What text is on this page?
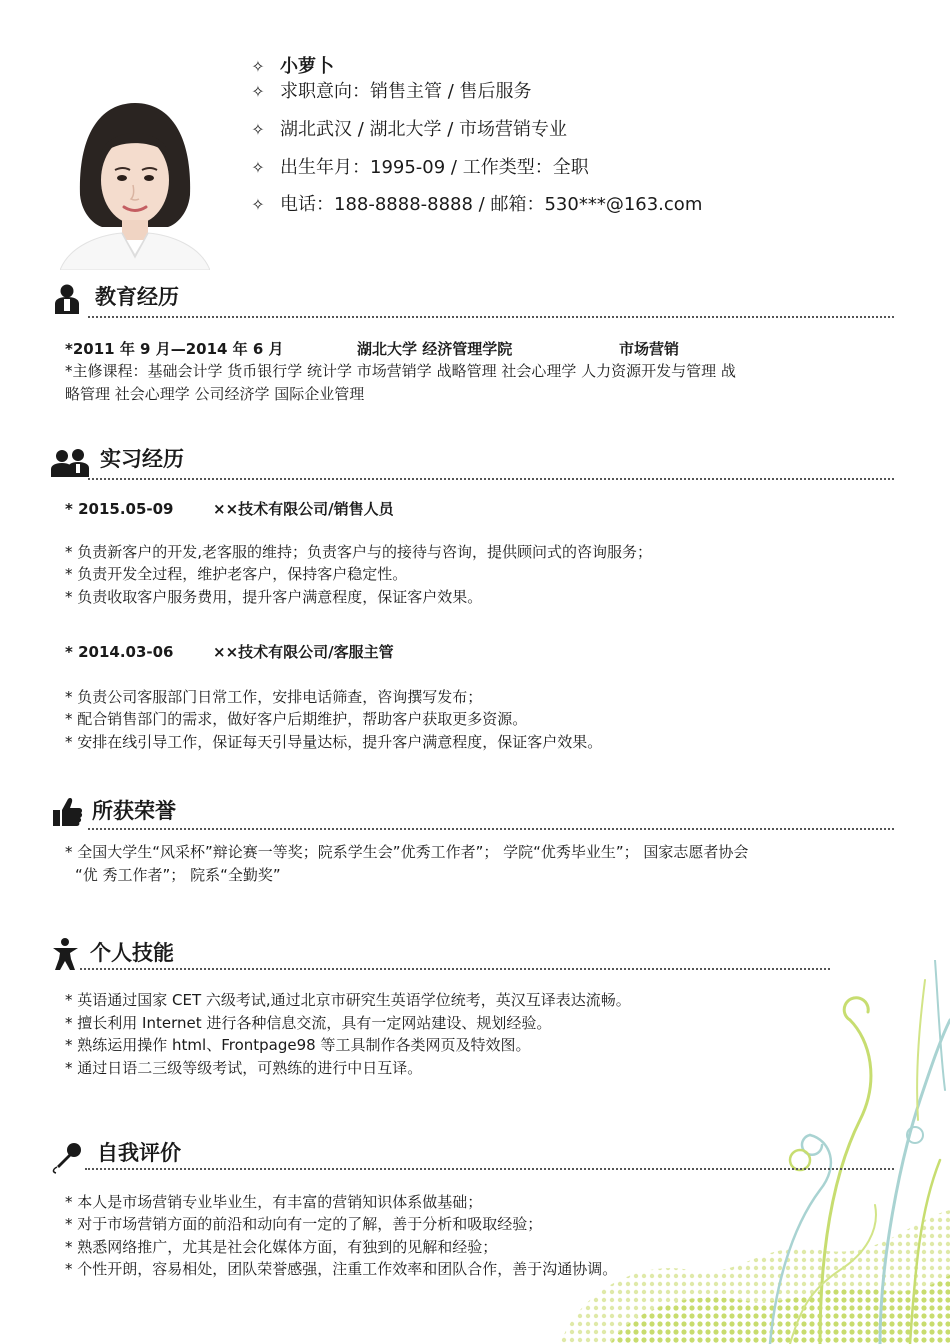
✧ 小萝卜
✧ 求职意向：销售主管 / 售后服务
✧ 湖北武汉 / 湖北大学 / 市场营销专业
✧ 出生年月：1995-09 / 工作类型：全职
✧ 电话：188-8888-8888 / 邮箱：530***@163.com
教育经历
*2011 年 9 月—2014 年 6 月	湖北大学 经济管理学院	市场营销
*主修课程：基础会计学 货币银行学 统计学 市场营销学 战略管理 社会心理学 人力资源开发与管理 战
略管理 社会心理学 公司经济学 国际企业管理
实习经历
* 2015.05-09	××技术有限公司/销售人员
* 负责新客户的开发,老客服的维持；负责客户与的接待与咨询，提供顾问式的咨询服务；
* 负责开发全过程，维护老客户，保持客户稳定性。
* 负责收取客户服务费用，提升客户满意程度，保证客户效果。
* 2014.03-06	××技术有限公司/客服主管
* 负责公司客服部门日常工作，安排电话筛查，咨询撰写发布；
* 配合销售部门的需求，做好客户后期维护，帮助客户获取更多资源。
* 安排在线引导工作，保证每天引导量达标，提升客户满意程度，保证客户效果。
所获荣誉
* 全国大学生“风采杯”辩论赛一等奖；院系学生会”优秀工作者”； 学院“优秀毕业生”； 国家志愿者协会
“优 秀工作者”； 院系“全勤奖”
个人技能
* 英语通过国家 CET 六级考试,通过北京市研究生英语学位统考，英汉互译表达流畅。
* 擅长利用 Internet 进行各种信息交流，具有一定网站建设、规划经验。
* 熟练运用操作 html、Frontpage98 等工具制作各类网页及特效图。
* 通过日语二三级等级考试，可熟练的进行中日互译。
自我评价
* 本人是市场营销专业毕业生，有丰富的营销知识体系做基础；
* 对于市场营销方面的前沿和动向有一定的了解，善于分析和吸取经验；
* 熟悉网络推广，尤其是社会化媒体方面，有独到的见解和经验；
* 个性开朗，容易相处，团队荣誉感强，注重工作效率和团队合作，善于沟通协调。
